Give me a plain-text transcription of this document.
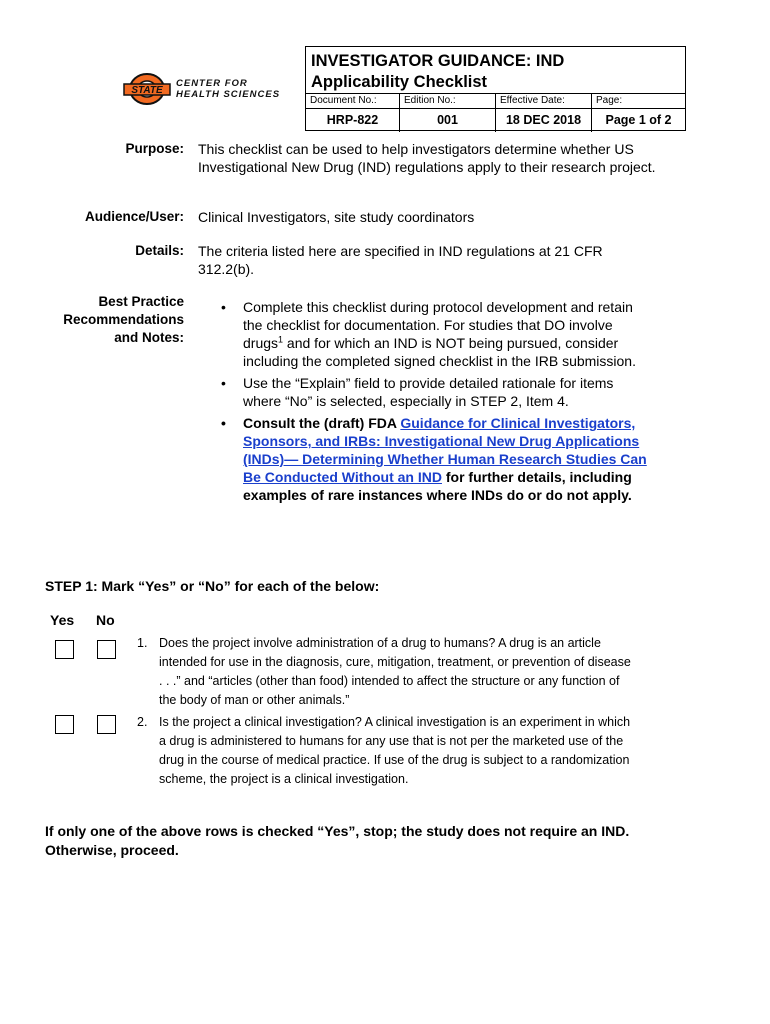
STATE
CENTER FOR
HEALTH SCIENCES
INVESTIGATOR GUIDANCE: IND
Applicability Checklist
Document No.:	Edition No.:	Effective Date:	Page:
HRP-822	001	18 DEC 2018	Page 1 of 2
Purpose: This checklist can be used to help investigators determine whether US Investigational New Drug (IND) regulations apply to their research project.
Audience/User: Clinical Investigators, site study coordinators
Details: The criteria listed here are specified in IND regulations at 21 CFR 312.2(b).
Best Practice
Recommendations
and Notes:
• Complete this checklist during protocol development and retain the checklist for documentation. For studies that DO involve drugs$^1$ and for which an IND is NOT being pursued, consider including the completed signed checklist in the IRB submission.
• Use the “Explain” field to provide detailed rationale for items where “No” is selected, especially in STEP 2, Item 4.
• Consult the (draft) FDA Guidance for Clinical Investigators, Sponsors, and IRBs: Investigational New Drug Applications (INDs)— Determining Whether Human Research Studies Can Be Conducted Without an IND for further details, including examples of rare instances where INDs do or do not apply.
STEP 1: Mark “Yes” or “No” for each of the below:
Yes No
1. Does the project involve administration of a drug to humans? A drug is an article intended for use in the diagnosis, cure, mitigation, treatment, or prevention of disease . . .” and “articles (other than food) intended to affect the structure or any function of the body of man or other animals.”
2. Is the project a clinical investigation? A clinical investigation is an experiment in which a drug is administered to humans for any use that is not per the marketed use of the drug in the course of medical practice. If use of the drug is subject to a randomization scheme, the project is a clinical investigation.
If only one of the above rows is checked “Yes”, stop; the study does not require an IND.
Otherwise, proceed.
